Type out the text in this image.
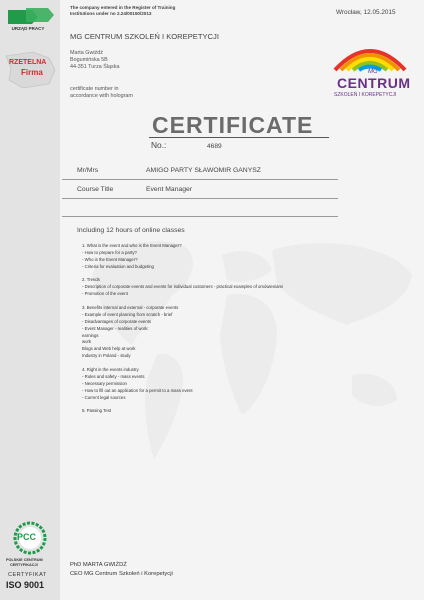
URZĄD PRACY
RZETELNA
Firma
The company entered in the Register of Training
Institutions under no 2.24/00150/2013	Wrocław, 12.05.2015
MG CENTRUM SZKOLEŃ I KOREPETYCJI
Marta Gwiźdź
Bogumińska 5B
44-351 Turza Śląska
certificate number in
accordance with hologram
MG
CENTRUM
SZKOLEŃ I KOREPETYCJI
CERTIFICATE
No.:	4689
Mr/Mrs	AMIGO PARTY SŁAWOMIR GANYSZ
Course Title	Event Manager
Including 12 hours of online classes
1. What is the event and who is the Event Manager?
- How to prepare for a party?
- Who is the Event Manager?
- Criteria for evaluation and budgeting
2. Trends
- Description of corporate events and events for individual customers - practical examples of omówieniami
- Promotion of the event
3. Benefits internal and external - corporate events
- Example of event planning from scratch - brief
- Disadvantages of corporate events
- Event Manager - realities of work:
earnings
work
Blogs and Web help at work
Industry in Poland - study
4. Right in the events industry
- Rules and safety - mass events
- Necessary permission
- How to fill out an application for a permit to a mass event
- Current legal sources
5. Passing Test
PhD MARTA GWIŹDŹ
CEO MG Centrum Szkoleń i Korepetycji
PCC
POLSKIE CENTRUM
CERTYFIKACJI
CERTYFIKAT
ISO 9001
